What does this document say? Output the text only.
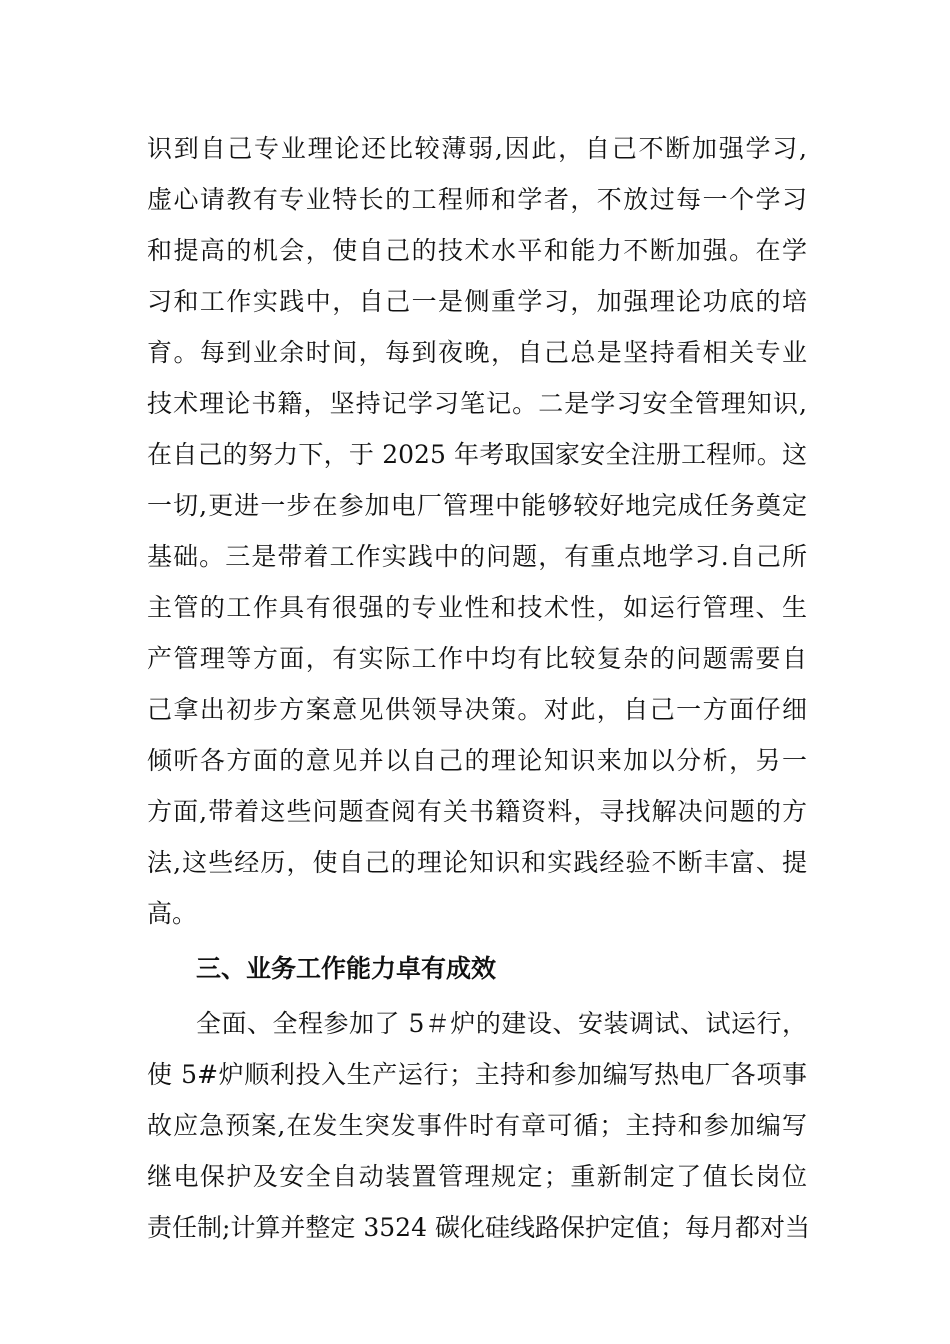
识到自己专业理论还比较薄弱,因此，自己不断加强学习,
虚心请教有专业特长的工程师和学者，不放过每一个学习
和提高的机会，使自己的技术水平和能力不断加强。在学
习和工作实践中，自己一是侧重学习，加强理论功底的培
育。每到业余时间，每到夜晚，自己总是坚持看相关专业
技术理论书籍，坚持记学习笔记。二是学习安全管理知识,
在自己的努力下，于 2025 年考取国家安全注册工程师。这
一切,更进一步在参加电厂管理中能够较好地完成任务奠定
基础。三是带着工作实践中的问题，有重点地学习.自己所
主管的工作具有很强的专业性和技术性，如运行管理、生
产管理等方面，有实际工作中均有比较复杂的问题需要自
己拿出初步方案意见供领导决策。对此，自己一方面仔细
倾听各方面的意见并以自己的理论知识来加以分析，另一
方面,带着这些问题查阅有关书籍资料，寻找解决问题的方
法,这些经历，使自己的理论知识和实践经验不断丰富、提
高。
三、业务工作能力卓有成效
全面、全程参加了 5＃炉的建设、安装调试、试运行，
使 5#炉顺利投入生产运行；主持和参加编写热电厂各项事
故应急预案,在发生突发事件时有章可循；主持和参加编写
继电保护及安全自动装置管理规定；重新制定了值长岗位
责任制;计算并整定 3524 碳化硅线路保护定值；每月都对当
